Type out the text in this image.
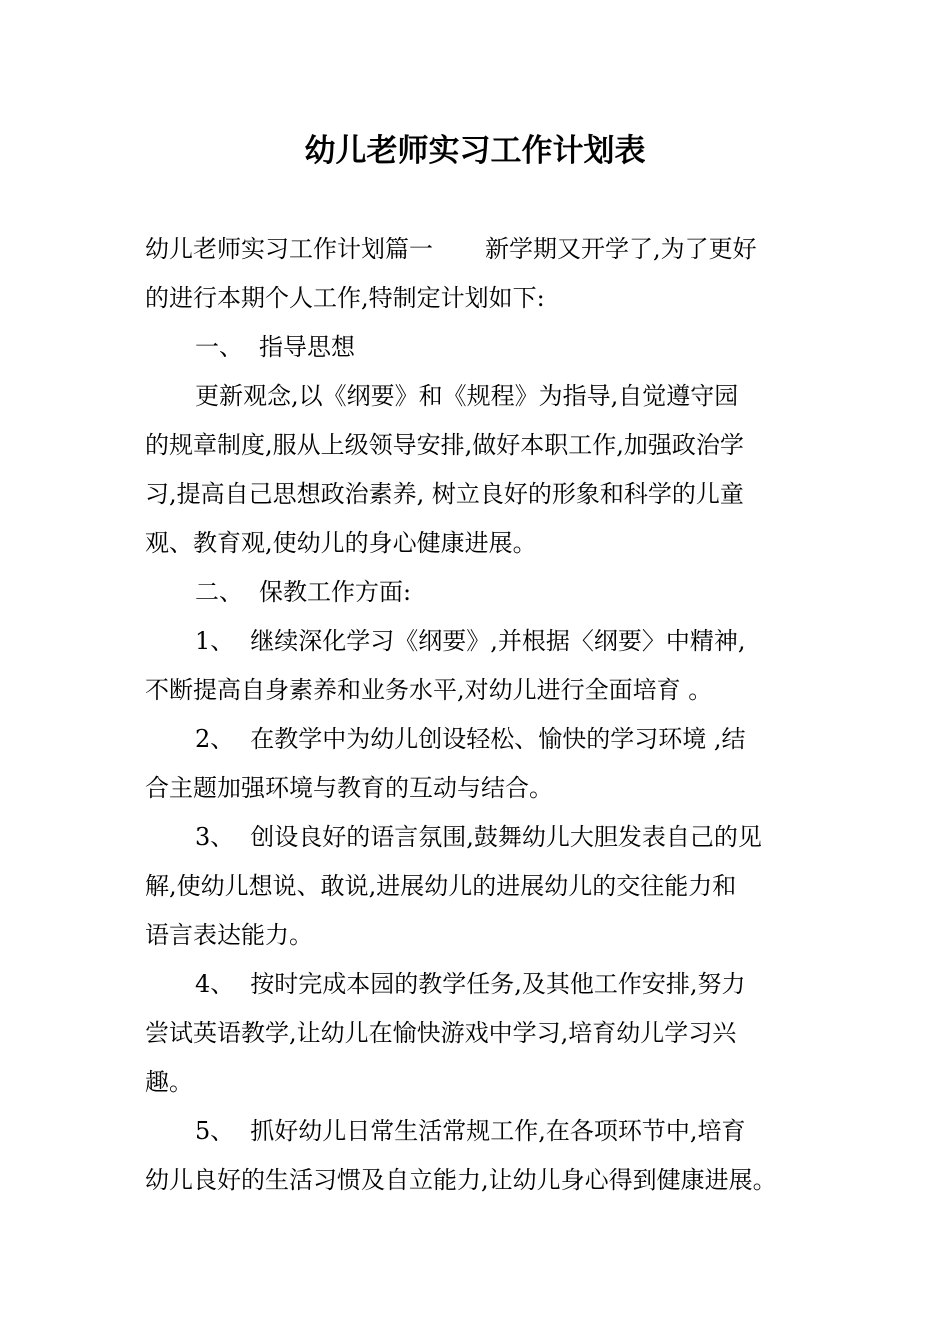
幼儿老师实习工作计划表
幼儿老师实习工作计划篇一 新学期又开学了,为了更好
的进行本期个人工作,特制定计划如下:
一、 指导思想
更新观念,以《纲要》和《规程》为指导,自觉遵守园
的规章制度,服从上级领导安排,做好本职工作,加强政治学
习,提高自己思想政治素养, 树立良好的形象和科学的儿童
观、教育观,使幼儿的身心健康进展。
二、 保教工作方面:
1、 继续深化学习《纲要》,并根据〈纲要〉中精神,
不断提高自身素养和业务水平,对幼儿进行全面培育 。
2、 在教学中为幼儿创设轻松、愉快的学习环境 ,结
合主题加强环境与教育的互动与结合。
3、 创设良好的语言氛围,鼓舞幼儿大胆发表自己的见
解,使幼儿想说、敢说,进展幼儿的进展幼儿的交往能力和
语言表达能力。
4、 按时完成本园的教学任务,及其他工作安排,努力
尝试英语教学,让幼儿在愉快游戏中学习,培育幼儿学习兴
趣。
5、 抓好幼儿日常生活常规工作,在各项环节中,培育
幼儿良好的生活习惯及自立能力,让幼儿身心得到健康进展。
